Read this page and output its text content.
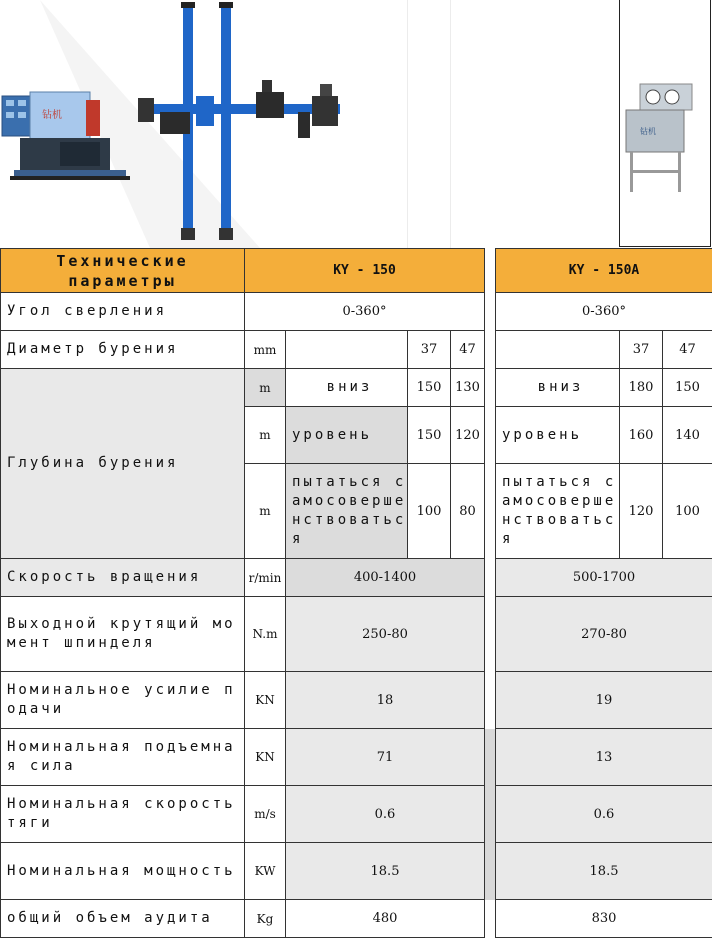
钻机
钻机
Технические параметры	KY - 150					KY - 150A		
Угол сверления	0-360°					0-360°		
Диаметр бурения	mm		37	47			37	47
Глубина бурения	m	вниз	150	130		вниз	180	150
	m	уровень	150	120		уровень	160	140
	m	пытаться самосовершенствоваться	100	80		пытаться самосовершенствоваться	120	100
Скорость вращения	r/min	400-1400				500-1700		
Выходной крутящий момент шпинделя	N.m	250-80				270-80		
Номинальное усилие подачи	KN	18				19		
Номинальная подъемная сила	KN	71				13		
Номинальная скорость тяги	m/s	0.6				0.6		
Номинальная мощность	KW	18.5				18.5		
общий объем аудита	Kg	480				830		
